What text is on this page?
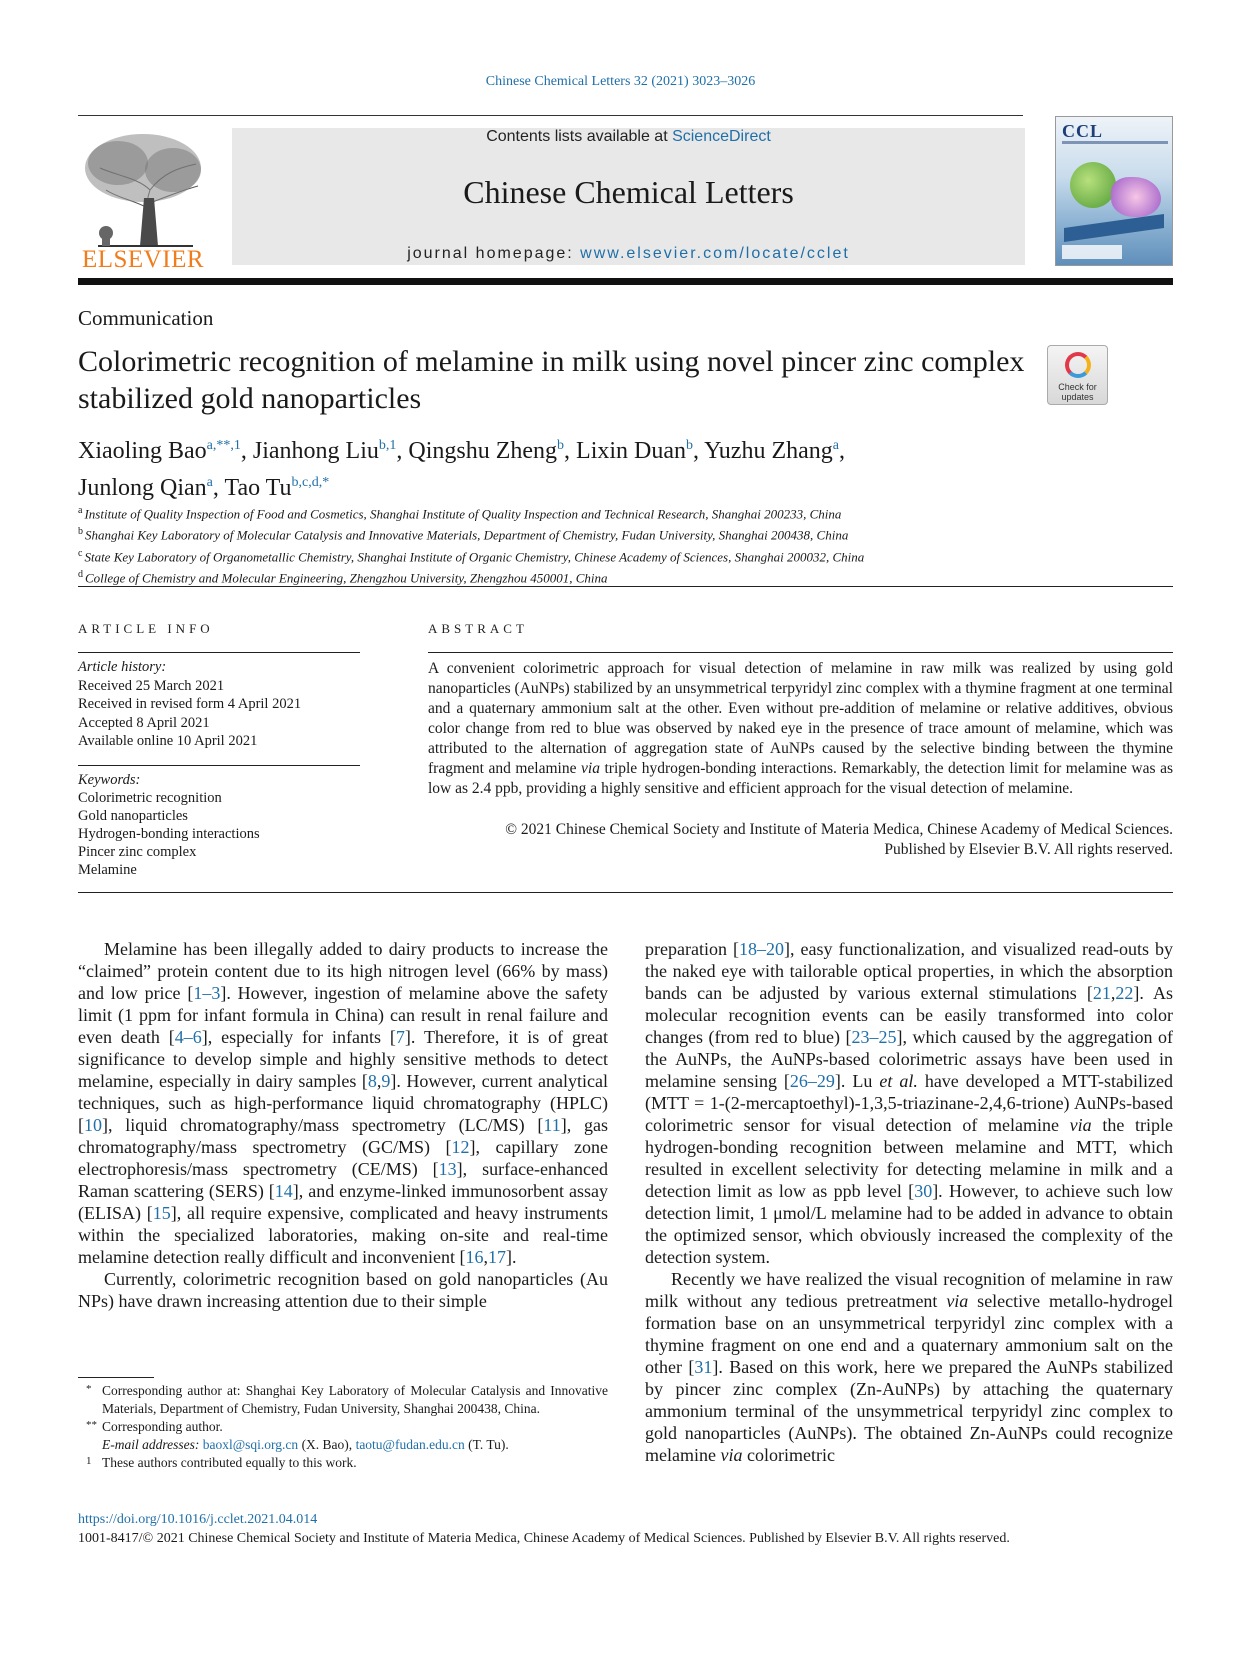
Chinese Chemical Letters 32 (2021) 3023–3026
ELSEVIER
Contents lists available at ScienceDirect
Chinese Chemical Letters
journal homepage: www.elsevier.com/locate/cclet
CCL
Communication
Colorimetric recognition of melamine in milk using novel pincer zinc complex stabilized gold nanoparticles	Check for updates
Xiaoling Bao$^{a,**,1}$, Jianhong Liu$^{b,1}$, Qingshu Zheng$^b$, Lixin Duan$^b$, Yuzhu Zhang$^a$,
Junlong Qian$^a$, Tao $Tu^{b,c,d,*}$
$^a$ Institute of Quality Inspection of Food and Cosmetics, Shanghai Institute of Quality Inspection and Technical Research, Shanghai 200233, China
$^b$ Shanghai Key Laboratory of Molecular Catalysis and Innovative Materials, Department of Chemistry, Fudan University, Shanghai 200438, China
$^c$ State Key Laboratory of Organometallic Chemistry, Shanghai Institute of Organic Chemistry, Chinese Academy of Sciences, Shanghai 200032, China
$^d$ College of Chemistry and Molecular Engineering, Zhengzhou University, Zhengzhou 450001, China
ARTICLE INFO
Article history:
Received 25 March 2021
Received in revised form 4 April 2021
Accepted 8 April 2021
Available online 10 April 2021
Keywords:
Colorimetric recognition
Gold nanoparticles
Hydrogen-bonding interactions
Pincer zinc complex
Melamine
ABSTRACT
A convenient colorimetric approach for visual detection of melamine in raw milk was realized by using gold nanoparticles (AuNPs) stabilized by an unsymmetrical terpyridyl zinc complex with a thymine fragment at one terminal and a quaternary ammonium salt at the other. Even without pre-addition of melamine or relative additives, obvious color change from red to blue was observed by naked eye in the presence of trace amount of melamine, which was attributed to the alternation of aggregation state of AuNPs caused by the selective binding between the thymine fragment and melamine via triple hydrogen-bonding interactions. Remarkably, the detection limit for melamine was as low as 2.4 ppb, providing a highly sensitive and efficient approach for the visual detection of melamine.
© 2021 Chinese Chemical Society and Institute of Materia Medica, Chinese Academy of Medical Sciences.
Published by Elsevier B.V. All rights reserved.

Melamine has been illegally added to dairy products to increase the “claimed” protein content due to its high nitrogen level (66% by mass) and low price [1–3]. However, ingestion of melamine above the safety limit (1 ppm for infant formula in China) can result in renal failure and even death [4–6], especially for infants [7]. Therefore, it is of great significance to develop simple and highly sensitive methods to detect melamine, especially in dairy samples [8,9]. However, current analytical techniques, such as high-performance liquid chromatography (HPLC) [10], liquid chromatography/mass spectrometry (LC/MS) [11], gas chromatography/mass spectrometry (GC/MS) [12], capillary zone electrophoresis/mass spectrometry (CE/MS) [13], surface-enhanced Raman scattering (SERS) [14], and enzyme-linked immunosorbent assay (ELISA) [15], all require expensive, complicated and heavy instruments within the specialized laboratories, making on-site and real-time melamine detection really difficult and inconvenient [16,17].

Currently, colorimetric recognition based on gold nanoparticles (Au NPs) have drawn increasing attention due to their simple

preparation [18–20], easy functionalization, and visualized read-outs by the naked eye with tailorable optical properties, in which the absorption bands can be adjusted by various external stimulations [21,22]. As molecular recognition events can be easily transformed into color changes (from red to blue) [23–25], which caused by the aggregation of the AuNPs, the AuNPs-based colorimetric assays have been used in melamine sensing [26–29]. Lu et al. have developed a MTT-stabilized (MTT = 1-(2-mercaptoethyl)-1,3,5-triazinane-2,4,6-trione) AuNPs-based colorimetric sensor for visual detection of melamine via the triple hydrogen-bonding recognition between melamine and MTT, which resulted in excellent selectivity for detecting melamine in milk and a detection limit as low as ppb level [30]. However, to achieve such low detection limit, 1 μmol/L melamine had to be added in advance to obtain the optimized sensor, which obviously increased the complexity of the detection system.

Recently we have realized the visual recognition of melamine in raw milk without any tedious pretreatment via selective metallo-hydrogel formation base on an unsymmetrical terpyridyl zinc complex with a thymine fragment on one end and a quaternary ammonium salt on the other [31]. Based on this work, here we prepared the AuNPs stabilized by pincer zinc complex (Zn-AuNPs) by attaching the quaternary ammonium terminal of the unsymmetrical terpyridyl zinc complex to gold nanoparticles (AuNPs). The obtained Zn-AuNPs could recognize melamine via colorimetric

* Corresponding author at: Shanghai Key Laboratory of Molecular Catalysis and Innovative Materials, Department of Chemistry, Fudan University, Shanghai 200438, China.
** Corresponding author.
E-mail addresses: baoxl@sqi.org.cn (X. Bao), taotu@fudan.edu.cn (T. Tu).
1 These authors contributed equally to this work.
https://doi.org/10.1016/j.cclet.2021.04.014
1001-8417/© 2021 Chinese Chemical Society and Institute of Materia Medica, Chinese Academy of Medical Sciences. Published by Elsevier B.V. All rights reserved.
